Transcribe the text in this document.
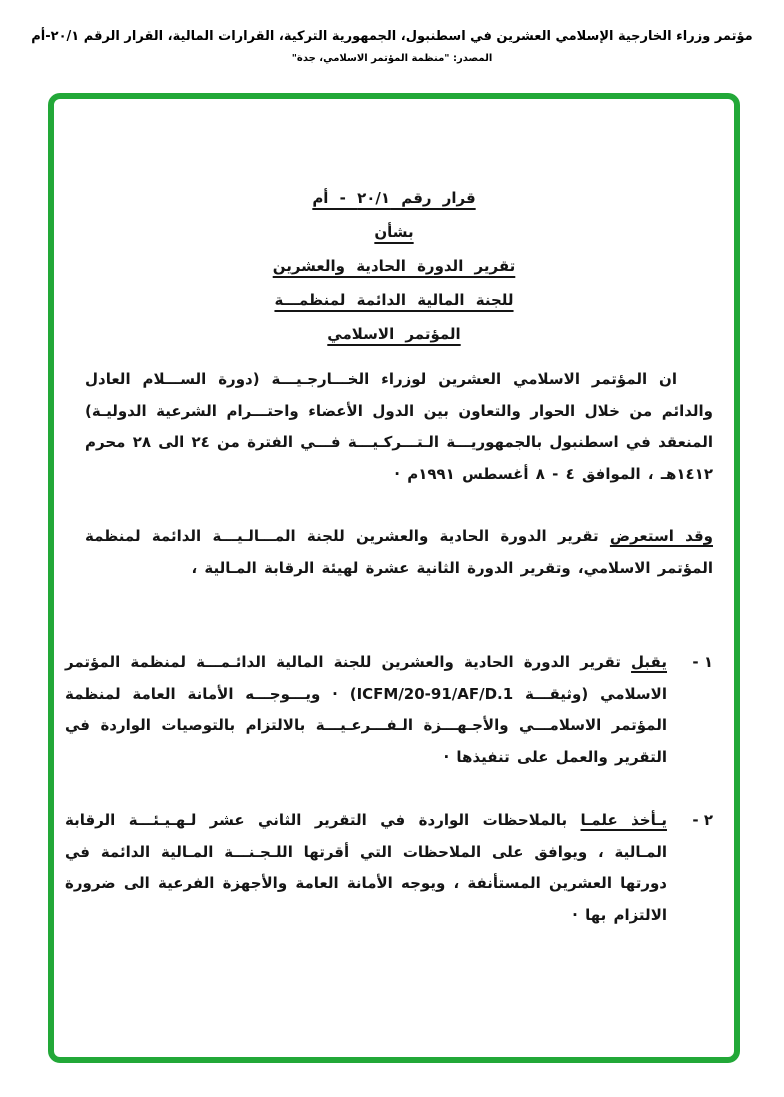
مؤتمر وزراء الخارجية الإسلامي العشرين في اسطنبول، الجمهورية التركية، القرارات المالية، القرار الرقم ٢٠/١-أم
المصدر: "منظمة المؤتمر الاسلامي، جدة"
قرار رقم ٢٠/١ - أم
بشأن
تقرير الدورة الحادية والعشرين
للجنة المالية الدائمة لمنظمـــة
المؤتمر الاسلامي
ان المؤتمر الاسلامي العشرين لوزراء الخـــارجـيـــة (دورة الســـلام العادل والدائم من خلال الحوار والتعاون بين الدول الأعضاء واحتـــرام الشرعية الدوليـة) المنعقد في اسطنبول بالجمهوريـــة الـتـــركـيـــة فـــي الفترة من ٢٤ الى ٢٨ محرم ١٤١٢هـ ، الموافق ٤ - ٨ أغسطس ١٩٩١م ·
وقد استعرض تقرير الدورة الحادية والعشرين للجنة المـــالـيـــة الدائمة لمنظمة المؤتمر الاسلامي، وتقرير الدورة الثانية عشرة لهيئة الرقابة المـالية ،
١ -
يقبل تقرير الدورة الحادية والعشرين للجنة المالية الدائـمـــة لمنظمة المؤتمر الاسلامي (وثيقـــة ICFM/20-91/AF/D.1) · ويـــوجـــه الأمانة العامة لمنظمة المؤتمر الاسلامـــي والأجـهـــزة الـفـــرعـيـــة بالالتزام بالتوصيات الواردة في التقرير والعمل على تنفيذها ·
٢ -
يـأخذ علمـا بالملاحظات الواردة في التقرير الثاني عشر لـهـيـئـــة الرقابة المـالية ، ويوافق على الملاحظات التي أقرتها اللـجـنـــة المـالية الدائمة في دورتها العشرين المستأنفة ، ويوجه الأمانة العامة والأجهزة الفرعية الى ضرورة الالتزام بها ·
